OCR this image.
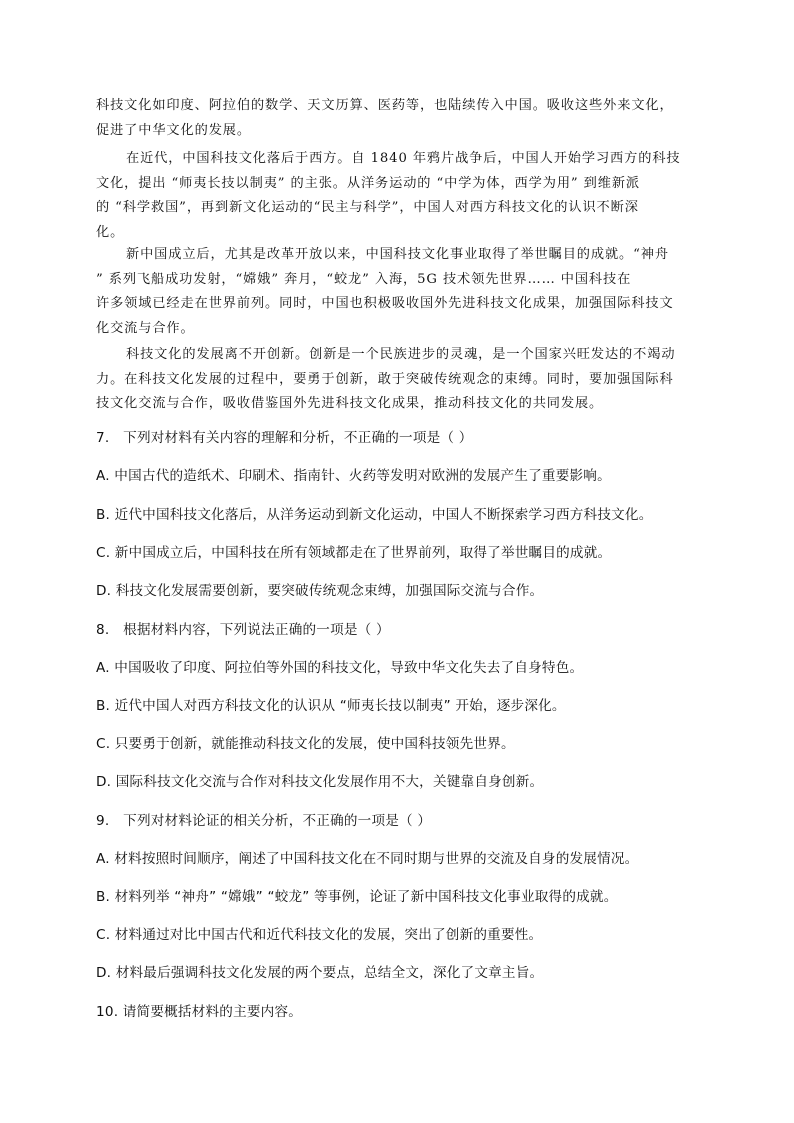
科技文化如印度、阿拉伯的数学、天文历算、医药等，也陆续传入中国。吸收这些外来文化，
促进了中华文化的发展。
在近代，中国科技文化落后于西方。自 1840 年鸦片战争后，中国人开始学习西方的科技
文化，提出 “师夷长技以制夷” 的主张。从洋务运动的 “中学为体，西学为用” 到维新派
的 “科学救国”，再到新文化运动的“民主与科学”，中国人对西方科技文化的认识不断深
化。
新中国成立后，尤其是改革开放以来，中国科技文化事业取得了举世瞩目的成就。“神舟
” 系列飞船成功发射，“嫦娥” 奔月，“蛟龙” 入海，5G 技术领先世界…… 中国科技在
许多领域已经走在世界前列。同时，中国也积极吸收国外先进科技文化成果，加强国际科技文
化交流与合作。
科技文化的发展离不开创新。创新是一个民族进步的灵魂，是一个国家兴旺发达的不竭动
力。在科技文化发展的过程中，要勇于创新，敢于突破传统观念的束缚。同时，要加强国际科
技文化交流与合作，吸收借鉴国外先进科技文化成果，推动科技文化的共同发展。

7.　下列对材料有关内容的理解和分析，不正确的一项是（ ）

A. 中国古代的造纸术、印刷术、指南针、火药等发明对欧洲的发展产生了重要影响。

B. 近代中国科技文化落后，从洋务运动到新文化运动，中国人不断探索学习西方科技文化。

C. 新中国成立后，中国科技在所有领域都走在了世界前列，取得了举世瞩目的成就。

D. 科技文化发展需要创新，要突破传统观念束缚，加强国际交流与合作。

8.　根据材料内容，下列说法正确的一项是（ ）

A. 中国吸收了印度、阿拉伯等外国的科技文化，导致中华文化失去了自身特色。

B. 近代中国人对西方科技文化的认识从 “师夷长技以制夷” 开始，逐步深化。

C. 只要勇于创新，就能推动科技文化的发展，使中国科技领先世界。

D. 国际科技文化交流与合作对科技文化发展作用不大，关键靠自身创新。

9.　下列对材料论证的相关分析，不正确的一项是（ ）

A. 材料按照时间顺序，阐述了中国科技文化在不同时期与世界的交流及自身的发展情况。

B. 材料列举 “神舟” “嫦娥” “蛟龙” 等事例，论证了新中国科技文化事业取得的成就。

C. 材料通过对比中国古代和近代科技文化的发展，突出了创新的重要性。

D. 材料最后强调科技文化发展的两个要点，总结全文，深化了文章主旨。

10. 请简要概括材料的主要内容。
